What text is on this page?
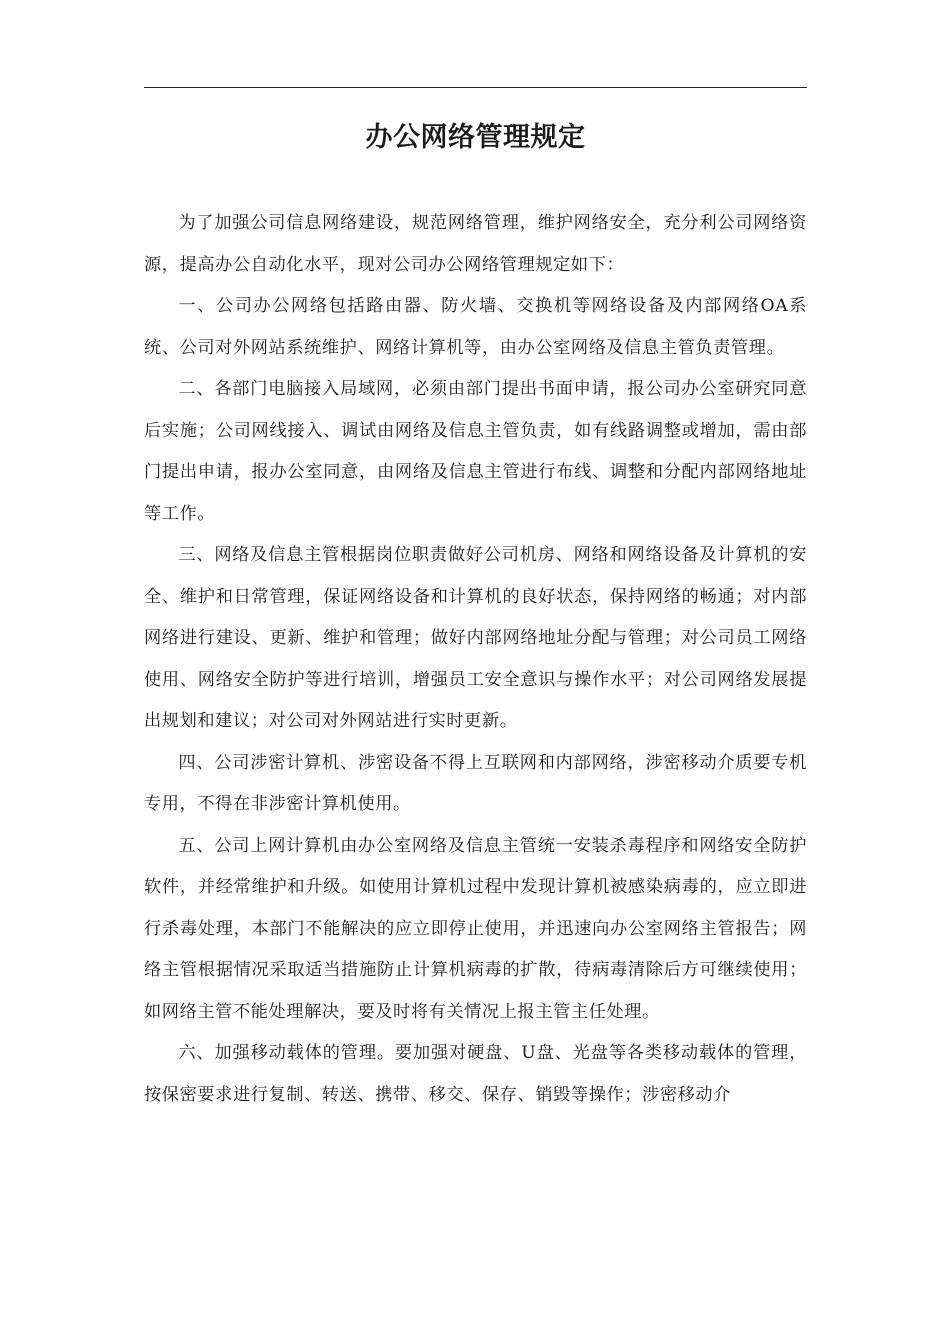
办公网络管理规定

为了加强公司信息网络建设，规范网络管理，维护网络安全，充分利公司网络资源，提高办公自动化水平，现对公司办公网络管理规定如下：

一、公司办公网络包括路由器、防火墙、交换机等网络设备及内部网络OA系统、公司对外网站系统维护、网络计算机等，由办公室网络及信息主管负责管理。

二、各部门电脑接入局域网，必须由部门提出书面申请，报公司办公室研究同意后实施；公司网线接入、调试由网络及信息主管负责，如有线路调整或增加，需由部门提出申请，报办公室同意，由网络及信息主管进行布线、调整和分配内部网络地址等工作。

三、网络及信息主管根据岗位职责做好公司机房、网络和网络设备及计算机的安全、维护和日常管理，保证网络设备和计算机的良好状态，保持网络的畅通；对内部网络进行建设、更新、维护和管理；做好内部网络地址分配与管理；对公司员工网络使用、网络安全防护等进行培训，增强员工安全意识与操作水平；对公司网络发展提出规划和建议；对公司对外网站进行实时更新。

四、公司涉密计算机、涉密设备不得上互联网和内部网络，涉密移动介质要专机专用，不得在非涉密计算机使用。

五、公司上网计算机由办公室网络及信息主管统一安装杀毒程序和网络安全防护软件，并经常维护和升级。如使用计算机过程中发现计算机被感染病毒的，应立即进行杀毒处理，本部门不能解决的应立即停止使用，并迅速向办公室网络主管报告；网络主管根据情况采取适当措施防止计算机病毒的扩散，待病毒清除后方可继续使用；如网络主管不能处理解决，要及时将有关情况上报主管主任处理。

六、加强移动载体的管理。要加强对硬盘、U盘、光盘等各类移动载体的管理，按保密要求进行复制、转送、携带、移交、保存、销毁等操作；涉密移动介
